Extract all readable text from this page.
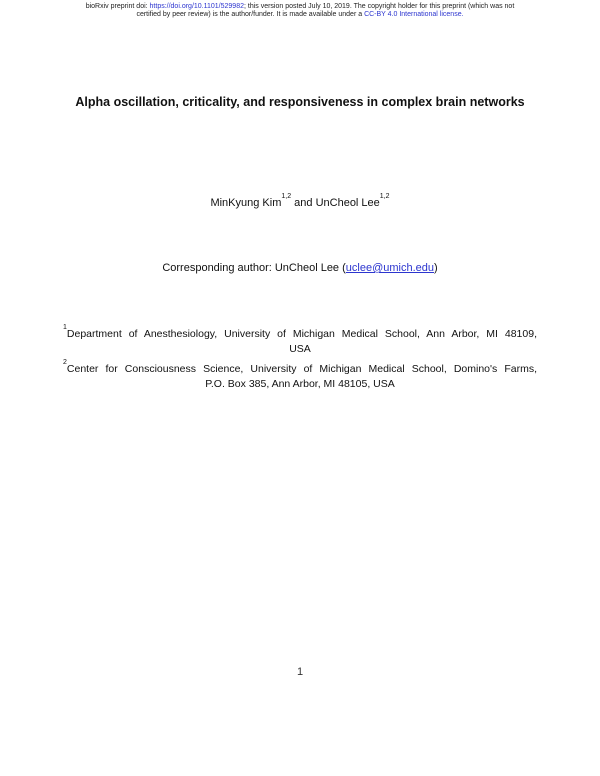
bioRxiv preprint doi: https://doi.org/10.1101/529982; this version posted July 10, 2019. The copyright holder for this preprint (which was not
certified by peer review) is the author/funder. It is made available under a CC-BY 4.0 International license.
Alpha oscillation, criticality, and responsiveness in complex brain networks
MinKyung Kim$^{1,2}$ and UnCheol Lee$^{1,2}$
Corresponding author: UnCheol Lee (uclee@umich.edu)

$^1$Department of Anesthesiology, University of Michigan Medical School, Ann Arbor, MI 48109,
USA

$^2$Center for Consciousness Science, University of Michigan Medical School, Domino's Farms,
P.O. Box 385, Ann Arbor, MI 48105, USA

1
